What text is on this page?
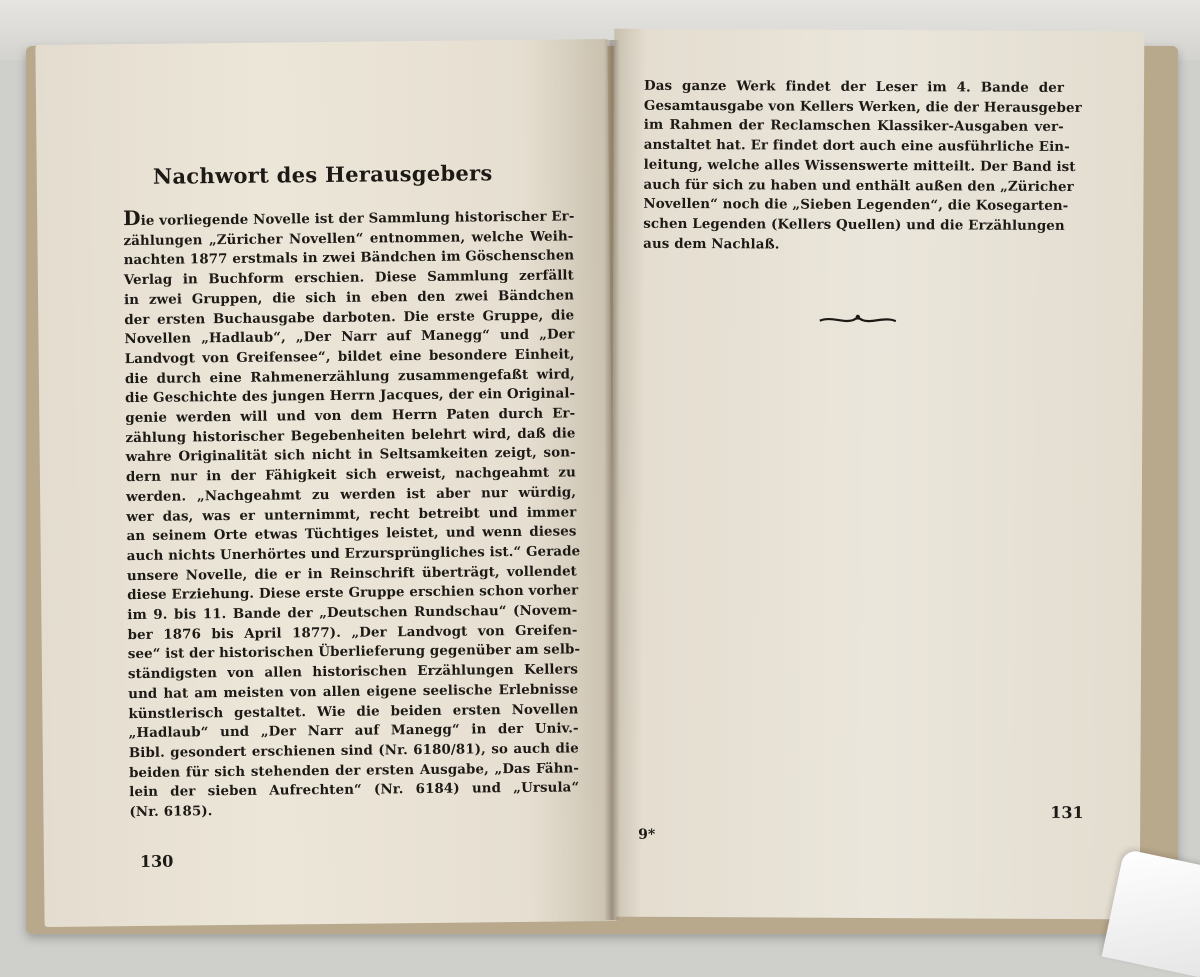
Nachwort des Herausgebers
Die vorliegende Novelle ist der Sammlung historischer Er-
zählungen „Züricher Novellen“ entnommen, welche Weih-
nachten 1877 erstmals in zwei Bändchen im Göschenschen
Verlag in Buchform erschien. Diese Sammlung zerfällt
in zwei Gruppen, die sich in eben den zwei Bändchen
der ersten Buchausgabe darboten. Die erste Gruppe, die
Novellen „Hadlaub“, „Der Narr auf Manegg“ und „Der
Landvogt von Greifensee“, bildet eine besondere Einheit,
die durch eine Rahmenerzählung zusammengefaßt wird,
die Geschichte des jungen Herrn Jacques, der ein Original-
genie werden will und von dem Herrn Paten durch Er-
zählung historischer Begebenheiten belehrt wird, daß die
wahre Originalität sich nicht in Seltsamkeiten zeigt, son-
dern nur in der Fähigkeit sich erweist, nachgeahmt zu
werden. „Nachgeahmt zu werden ist aber nur würdig,
wer das, was er unternimmt, recht betreibt und immer
an seinem Orte etwas Tüchtiges leistet, und wenn dieses
auch nichts Unerhörtes und Erzursprüngliches ist.“ Gerade
unsere Novelle, die er in Reinschrift überträgt, vollendet
diese Erziehung. Diese erste Gruppe erschien schon vorher
im 9. bis 11. Bande der „Deutschen Rundschau“ (Novem-
ber 1876 bis April 1877). „Der Landvogt von Greifen-
see“ ist der historischen Überlieferung gegenüber am selb-
ständigsten von allen historischen Erzählungen Kellers
und hat am meisten von allen eigene seelische Erlebnisse
künstlerisch gestaltet. Wie die beiden ersten Novellen
„Hadlaub“ und „Der Narr auf Manegg“ in der Univ.-
Bibl. gesondert erschienen sind (Nr. 6180/81), so auch die
beiden für sich stehenden der ersten Ausgabe, „Das Fähn-
lein der sieben Aufrechten“ (Nr. 6184) und „Ursula“
(Nr. 6185).
130
Das ganze Werk findet der Leser im 4. Bande der
Gesamtausgabe von Kellers Werken, die der Herausgeber
im Rahmen der Reclamschen Klassiker-Ausgaben ver-
anstaltet hat. Er findet dort auch eine ausführliche Ein-
leitung, welche alles Wissenswerte mitteilt. Der Band ist
auch für sich zu haben und enthält außen den „Züricher
Novellen“ noch die „Sieben Legenden“, die Kosegarten-
schen Legenden (Kellers Quellen) und die Erzählungen
aus dem Nachlaß.
9*
131
